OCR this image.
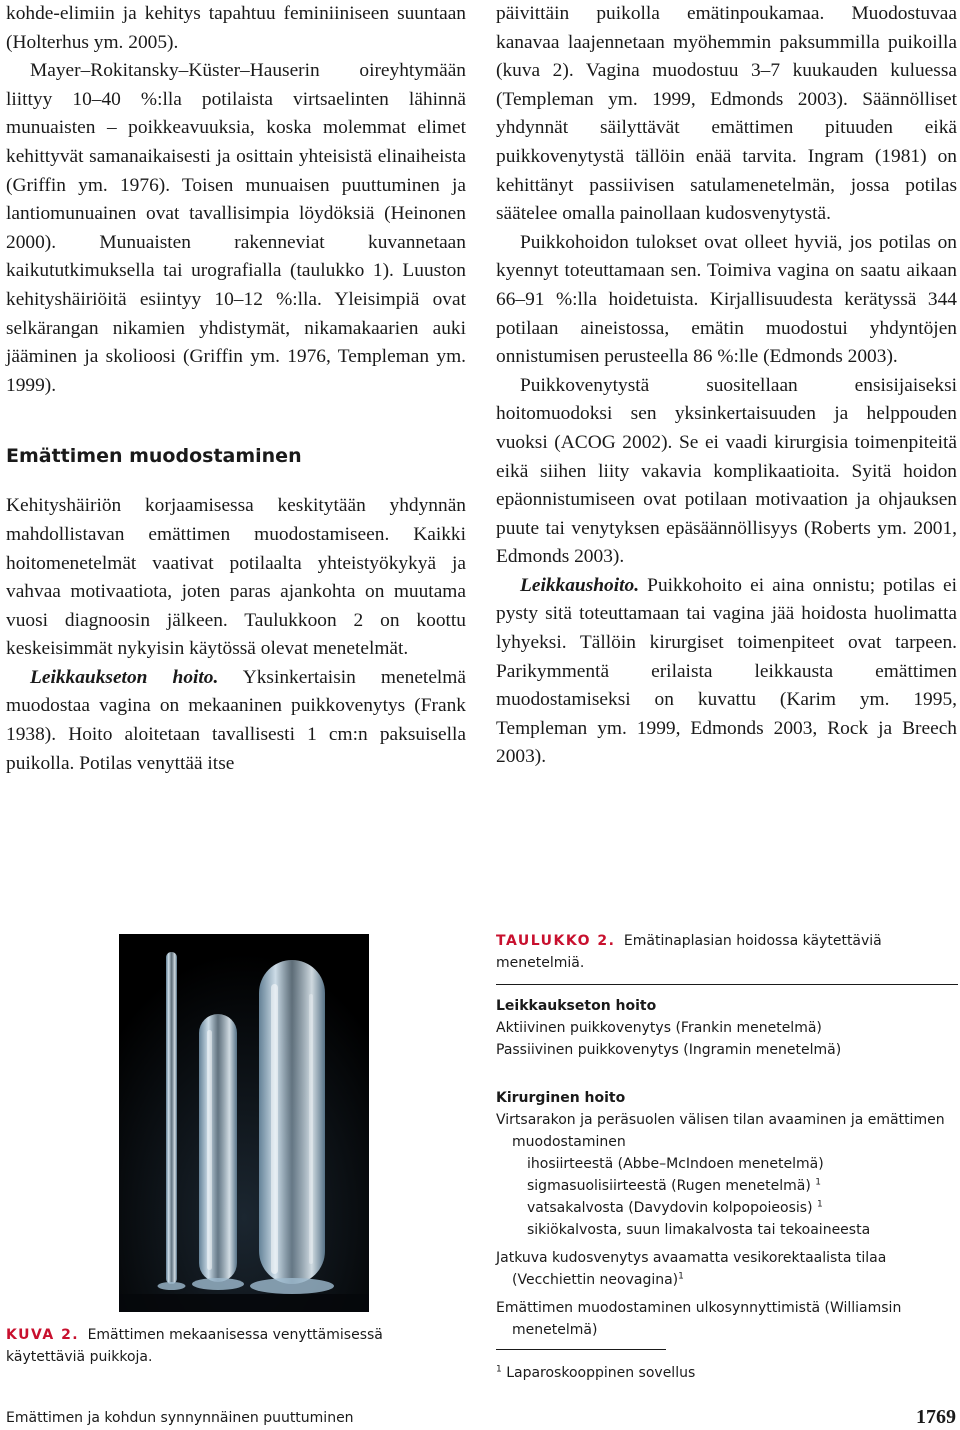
kohde-elimiin ja kehitys tapahtuu feminiiniseen suuntaan (Holterhus ym. 2005).

Mayer–Rokitansky–Küster–Hauserin oireyhtymään liittyy 10–40 %:lla potilaista virtsaelinten lähinnä munuaisten – poikkeavuuksia, koska molemmat elimet kehittyvät samanaikaisesti ja osittain yhteisistä elinaiheista (Griffin ym. 1976). Toisen munuaisen puuttuminen ja lantiomunuainen ovat tavallisimpia löydöksiä (Heinonen 2000). Munuaisten rakenneviat kuvannetaan kaikututkimuksella tai urografialla (taulukko 1). Luuston kehityshäiriöitä esiintyy 10–12 %:lla. Yleisimpiä ovat selkärangan nikamien yhdistymät, nikamakaarien auki jääminen ja skolioosi (Griffin ym. 1976, Templeman ym. 1999).

Emättimen muodostaminen

Kehityshäiriön korjaamisessa keskitytään yhdynnän mahdollistavan emättimen muodostamiseen. Kaikki hoitomenetelmät vaativat potilaalta yhteistyökykyä ja vahvaa motivaatiota, joten paras ajankohta on muutama vuosi diagnoosin jälkeen. Taulukkoon 2 on koottu keskeisimmät nykyisin käytössä olevat menetelmät.

Leikkaukseton hoito. Yksinkertaisin menetelmä muodostaa vagina on mekaaninen puikkovenytys (Frank 1938). Hoito aloitetaan tavallisesti 1 cm:n paksuisella puikolla. Potilas venyttää itse

päivittäin puikolla emätinpoukamaa. Muodostuvaa kanavaa laajennetaan myöhemmin paksummilla puikoilla (kuva 2). Vagina muodostuu 3–7 kuukauden kuluessa (Templeman ym. 1999, Edmonds 2003). Säännölliset yhdynnät säilyttävät emättimen pituuden eikä puikkovenytystä tällöin enää tarvita. Ingram (1981) on kehittänyt passiivisen satulamenetelmän, jossa potilas säätelee omalla painollaan kudosvenytystä.

Puikkohoidon tulokset ovat olleet hyviä, jos potilas on kyennyt toteuttamaan sen. Toimiva vagina on saatu aikaan 66–91 %:lla hoidetuista. Kirjallisuudesta kerätyssä 344 potilaan aineistossa, emätin muodostui yhdyntöjen onnistumisen perusteella 86 %:lle (Edmonds 2003).

Puikkovenytystä suositellaan ensisijaiseksi hoitomuodoksi sen yksinkertaisuuden ja helppouden vuoksi (ACOG 2002). Se ei vaadi kirurgisia toimenpiteitä eikä siihen liity vakavia komplikaatioita. Syitä hoidon epäonnistumiseen ovat potilaan motivaation ja ohjauksen puute tai venytyksen epäsäännöllisyys (Roberts ym. 2001, Edmonds 2003).

Leikkaushoito. Puikkohoito ei aina onnistu; potilas ei pysty sitä toteuttamaan tai vagina jää hoidosta huolimatta lyhyeksi. Tällöin kirurgiset toimenpiteet ovat tarpeen. Parikymmentä erilaista leikkausta emättimen muodostamiseksi on kuvattu (Karim ym. 1995, Templeman ym. 1999, Edmonds 2003, Rock ja Breech 2003).

KUVA 2. Emättimen mekaanisessa venyttämisessä käytettäviä puikkoja.
TAULUKKO 2. Emätinaplasian hoidossa käytettäviä menetelmiä.
Leikkaukseton hoito
Aktiivinen puikkovenytys (Frankin menetelmä)
Passiivinen puikkovenytys (Ingramin menetelmä)
Kirurginen hoito
Virtsarakon ja peräsuolen välisen tilan avaaminen ja emättimen muodostaminen
ihosiirteestä (Abbe–McIndoen menetelmä)
sigmasuolisiirteestä (Rugen menetelmä) $^1$
vatsakalvosta (Davydovin kolpopoieosis) $^1$
sikiökalvosta, suun limakalvosta tai tekoaineesta
Jatkuva kudosvenytys avaamatta vesikorektaalista tilaa (Vecchiettin neovagina)$^1$
Emättimen muodostaminen ulkosynnyttimistä (Williamsin menetelmä)
$^1$ Laparoskooppinen sovellus
Emättimen ja kohdun synnynnäinen puuttuminen	1769
